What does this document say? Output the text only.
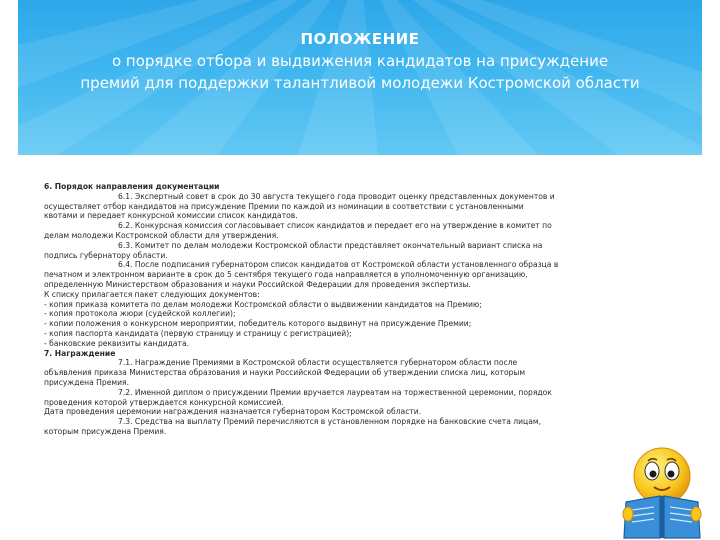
ПОЛОЖЕНИЕ
о порядке отбора и выдвижения кандидатов на присуждение
премий для поддержки талантливой молодежи Костромской области
6. Порядок направления документации
6.1. Экспертный совет в срок до 30 августа текущего года проводит оценку представленных документов и
осуществляет отбор кандидатов на присуждение Премии по каждой из номинации в соответствии с установленными
квотами и передает конкурсной комиссии список кандидатов.
6.2. Конкурсная комиссия согласовывает список кандидатов и передает его на утверждение в комитет по
делам молодежи Костромской области для утверждения.
6.3. Комитет по делам молодежи Костромской области представляет окончательный вариант списка на
подпись губернатору области.
6.4. После подписания губернатором список кандидатов от Костромской области установленного образца в
печатном и электронном варианте в срок до 5 сентября текущего года направляется в уполномоченную организацию,
определенную Министерством образования и науки Российской Федерации для проведения экспертизы.
К списку прилагается пакет следующих документов:
- копия приказа комитета по делам молодежи Костромской области о выдвижении кандидатов на Премию;
- копия протокола жюри (судейской коллегии);
- копии положения о конкурсном мероприятии, победитель которого выдвинут на присуждение Премии;
- копия паспорта кандидата (первую страницу и страницу с регистрацией);
- банковские реквизиты кандидата.
7. Награждение
7.1. Награждение Премиями в Костромской области осуществляется губернатором области после
объявления приказа Министерства образования и науки Российской Федерации об утверждении списка лиц, которым
присуждена Премия.
7.2. Именной диплом о присуждении Премии вручается лауреатам на торжественной церемонии, порядок
проведения которой утверждается конкурсной комиссией.
Дата проведения церемонии награждения назначается губернатором Костромской области.
7.3. Средства на выплату Премий перечисляются в установленном порядке на банковские счета лицам,
которым присуждена Премия.
